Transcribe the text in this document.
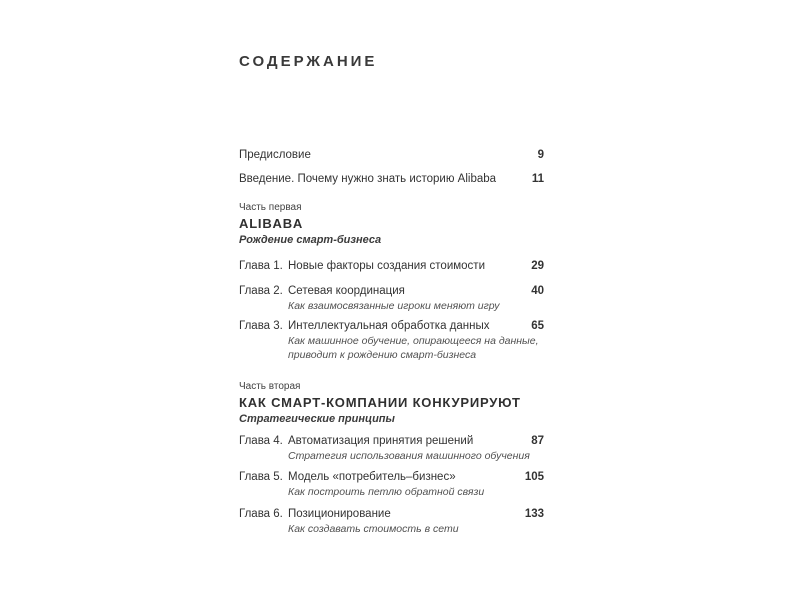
СОДЕРЖАНИЕ
Предисловие	9
Введение. Почему нужно знать историю Alibaba	11
Часть первая
ALIBABA
Рождение смарт-бизнеса
Глава 1. Новые факторы создания стоимости	29
Глава 2. Сетевая координация	40
Как взаимосвязанные игроки меняют игру
Глава 3. Интеллектуальная обработка данных	65
Как машинное обучение, опирающееся на данные,
приводит к рождению смарт-бизнеса
Часть вторая
КАК СМАРТ-КОМПАНИИ КОНКУРИРУЮТ
Стратегические принципы
Глава 4. Автоматизация принятия решений	87
Стратегия использования машинного обучения
Глава 5. Модель «потребитель–бизнес»	105
Как построить петлю обратной связи
Глава 6. Позиционирование	133
Как создавать стоимость в сети
